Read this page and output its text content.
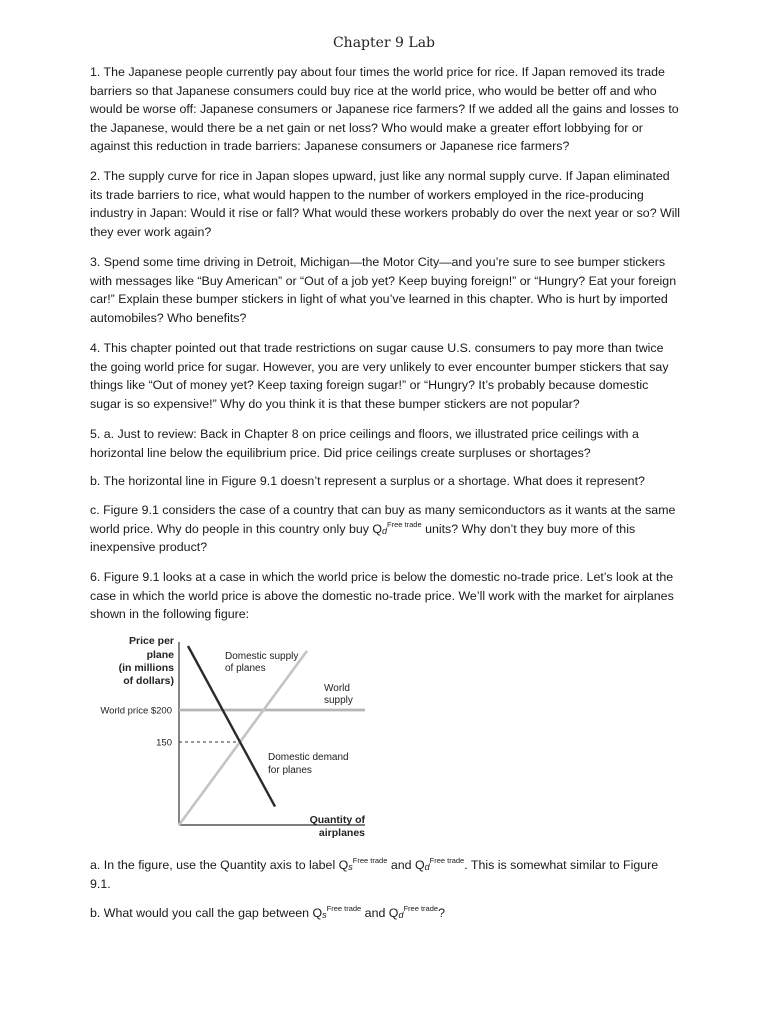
Chapter 9 Lab
1. The Japanese people currently pay about four times the world price for rice. If Japan removed its trade barriers so that Japanese consumers could buy rice at the world price, who would be better off and who would be worse off: Japanese consumers or Japanese rice farmers? If we added all the gains and losses to the Japanese, would there be a net gain or net loss? Who would make a greater effort lobbying for or against this reduction in trade barriers: Japanese consumers or Japanese rice farmers?
2. The supply curve for rice in Japan slopes upward, just like any normal supply curve. If Japan eliminated its trade barriers to rice, what would happen to the number of workers employed in the rice-producing industry in Japan: Would it rise or fall? What would these workers probably do over the next year or so? Will they ever work again?
3. Spend some time driving in Detroit, Michigan—the Motor City—and you’re sure to see bumper stickers with messages like “Buy American” or “Out of a job yet? Keep buying foreign!” or “Hungry? Eat your foreign car!” Explain these bumper stickers in light of what you’ve learned in this chapter. Who is hurt by imported automobiles? Who benefits?
4. This chapter pointed out that trade restrictions on sugar cause U.S. consumers to pay more than twice the going world price for sugar. However, you are very unlikely to ever encounter bumper stickers that say things like “Out of money yet? Keep taxing foreign sugar!” or “Hungry? It’s probably because domestic sugar is so expensive!” Why do you think it is that these bumper stickers are not popular?
5. a. Just to review: Back in Chapter 8 on price ceilings and floors, we illustrated price ceilings with a horizontal line below the equilibrium price. Did price ceilings create surpluses or shortages?
b. The horizontal line in Figure 9.1 doesn’t represent a surplus or a shortage. What does it represent?
c. Figure 9.1 considers the case of a country that can buy as many semiconductors as it wants at the same world price. Why do people in this country only buy $Q_d^{Free trade}$ units? Why don’t they buy more of this inexpensive product?
6. Figure 9.1 looks at a case in which the world price is below the domestic no-trade price. Let’s look at the case in which the world price is above the domestic no-trade price. We’ll work with the market for airplanes shown in the following figure:
Price per
plane
(in millions
of dollars)
Quantity of
airplanes
World price $200
150
Domestic supply
of planes
World
supply
Domestic demand
for planes
a. In the figure, use the Quantity axis to label $Q_s^{Free trade}$ and $Q_d^{Free trade}$. This is somewhat similar to Figure 9.1.
b. What would you call the gap between $Q_s^{Free trade}$ and $Q_d^{Free trade}$?
